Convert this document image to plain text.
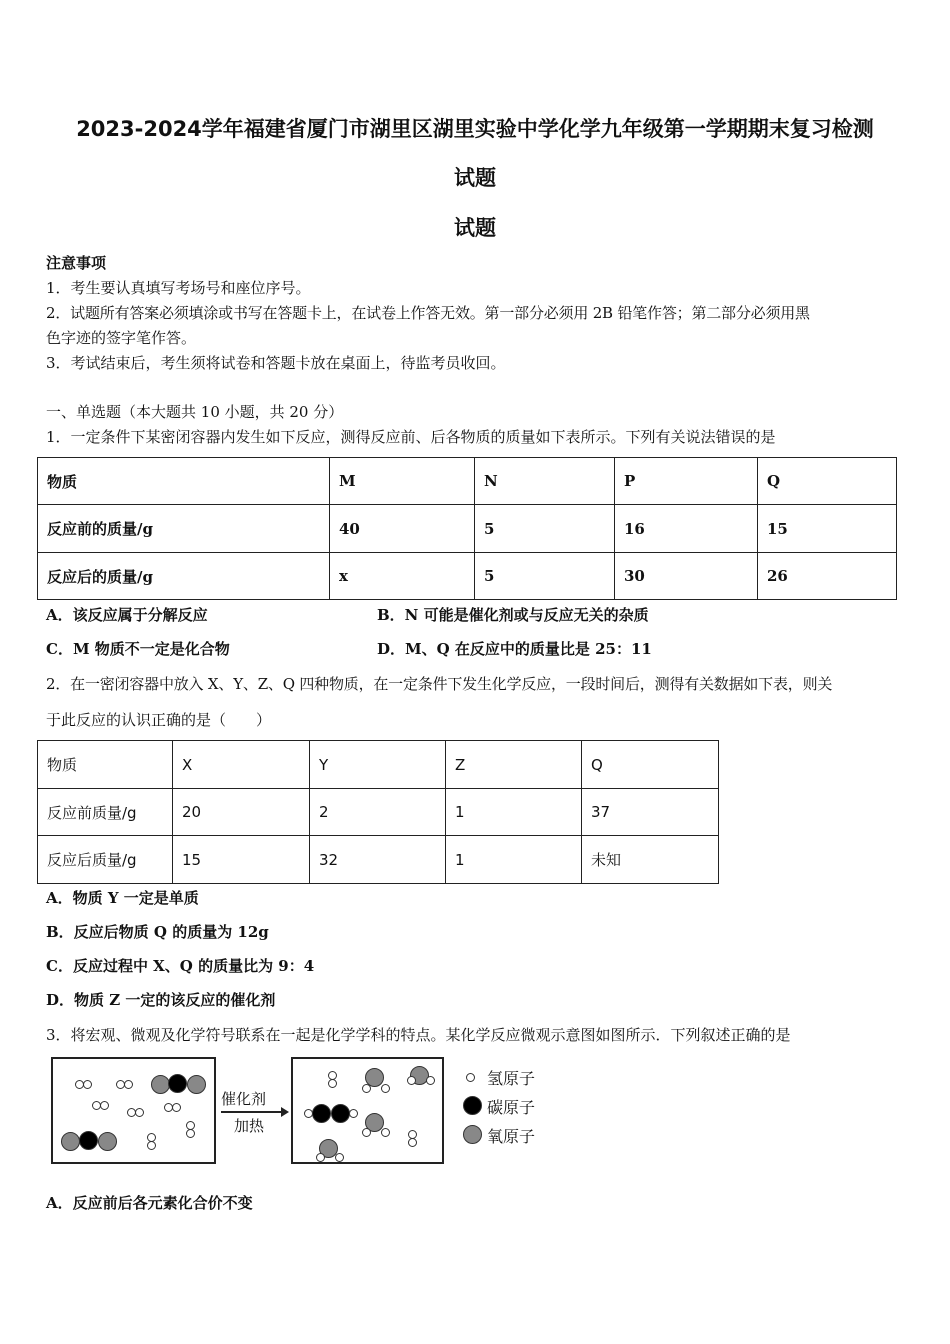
2023-2024学年福建省厦门市湖里区湖里实验中学化学九年级第一学期期末复习检测
试题
试题
注意事项
1．考生要认真填写考场号和座位序号。
2．试题所有答案必须填涂或书写在答题卡上，在试卷上作答无效。第一部分必须用 2B 铅笔作答；第二部分必须用黑
色字迹的签字笔作答。
3．考试结束后，考生须将试卷和答题卡放在桌面上，待监考员收回。
一、单选题（本大题共 10 小题，共 20 分）
1．一定条件下某密闭容器内发生如下反应，测得反应前、后各物质的质量如下表所示。下列有关说法错误的是
物质	M	N	P	Q
反应前的质量/g	40	5	16	15
反应后的质量/g	x	5	30	26
A．该反应属于分解反应	B．N 可能是催化剂或与反应无关的杂质
C．M 物质不一定是化合物	D．M、Q 在反应中的质量比是 25：11
2．在一密闭容器中放入 X、Y、Z、Q 四种物质，在一定条件下发生化学反应，一段时间后，测得有关数据如下表，则关
于此反应的认识正确的是（　　）
物质	X	Y	Z	Q
反应前质量/g	20	2	1	37
反应后质量/g	15	32	1	未知
A．物质 Y 一定是单质
B．反应后物质 Q 的质量为 12g
C．反应过程中 X、Q 的质量比为 9：4
D．物质 Z 一定的该反应的催化剂
3．将宏观、微观及化学符号联系在一起是化学学科的特点。某化学反应微观示意图如图所示．下列叙述正确的是
催化剂
加热
氢原子
碳原子
氧原子
A．反应前后各元素化合价不变
